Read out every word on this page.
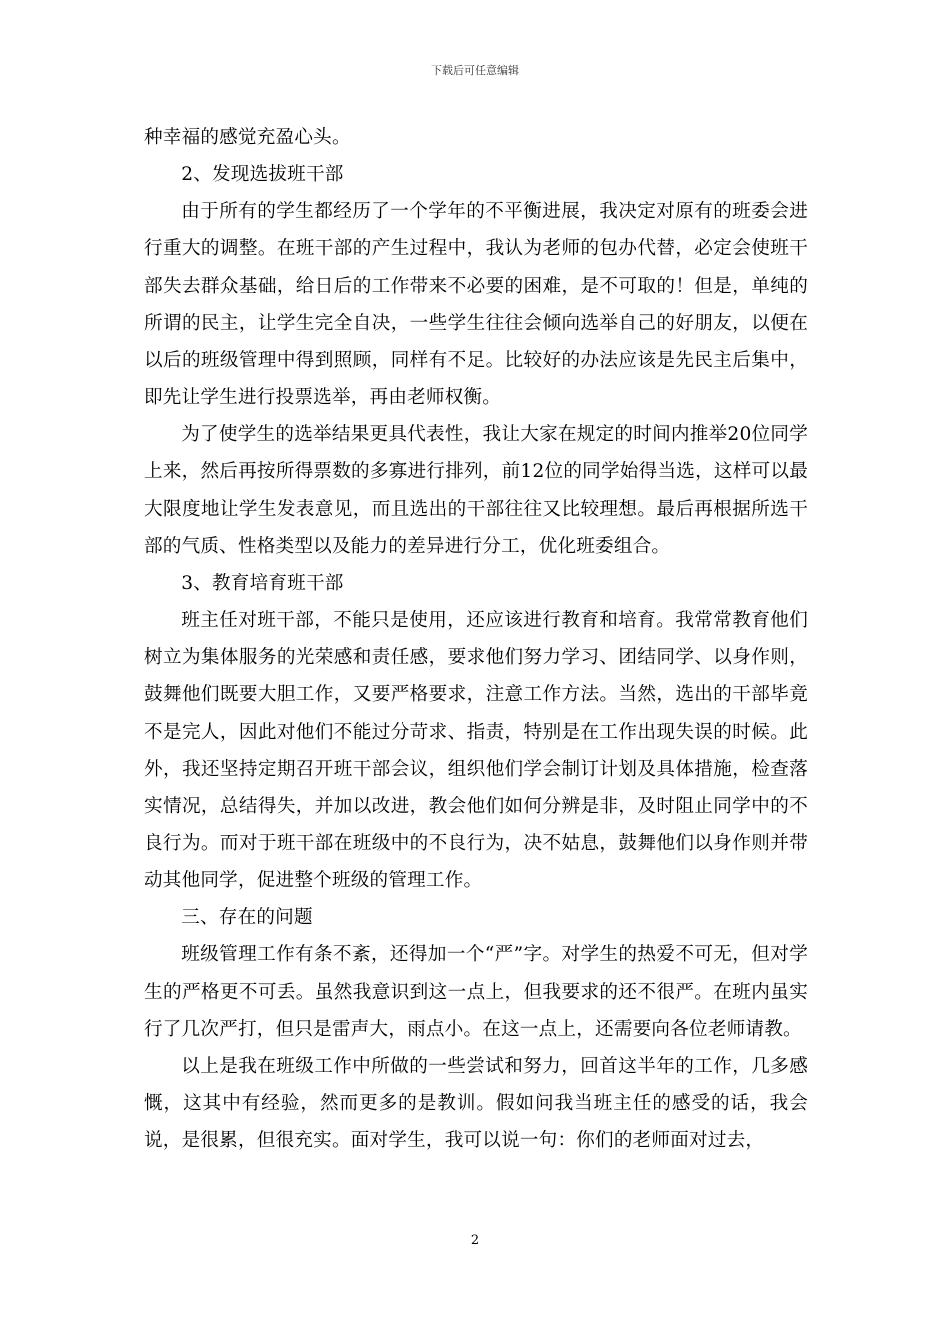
下载后可任意编辑

种幸福的感觉充盈心头。

2、发现选拔班干部

由于所有的学生都经历了一个学年的不平衡进展，我决定对原有的班委会进行重大的调整。在班干部的产生过程中，我认为老师的包办代替，必定会使班干部失去群众基础，给日后的工作带来不必要的困难，是不可取的！但是，单纯的所谓的民主，让学生完全自决，一些学生往往会倾向选举自己的好朋友，以便在以后的班级管理中得到照顾，同样有不足。比较好的办法应该是先民主后集中，即先让学生进行投票选举，再由老师权衡。

为了使学生的选举结果更具代表性，我让大家在规定的时间内推举20位同学上来，然后再按所得票数的多寡进行排列，前12位的同学始得当选，这样可以最大限度地让学生发表意见，而且选出的干部往往又比较理想。最后再根据所选干部的气质、性格类型以及能力的差异进行分工，优化班委组合。

3、教育培育班干部

班主任对班干部，不能只是使用，还应该进行教育和培育。我常常教育他们树立为集体服务的光荣感和责任感，要求他们努力学习、团结同学、以身作则，鼓舞他们既要大胆工作，又要严格要求，注意工作方法。当然，选出的干部毕竟不是完人，因此对他们不能过分苛求、指责，特别是在工作出现失误的时候。此外，我还坚持定期召开班干部会议，组织他们学会制订计划及具体措施，检查落实情况，总结得失，并加以改进，教会他们如何分辨是非，及时阻止同学中的不良行为。而对于班干部在班级中的不良行为，决不姑息，鼓舞他们以身作则并带动其他同学，促进整个班级的管理工作。

三、存在的问题

班级管理工作有条不紊，还得加一个“严”字。对学生的热爱不可无，但对学生的严格更不可丢。虽然我意识到这一点上，但我要求的还不很严。在班内虽实行了几次严打，但只是雷声大，雨点小。在这一点上，还需要向各位老师请教。

以上是我在班级工作中所做的一些尝试和努力，回首这半年的工作，几多感慨，这其中有经验，然而更多的是教训。假如问我当班主任的感受的话，我会说，是很累，但很充实。面对学生，我可以说一句：你们的老师面对过去，

2
